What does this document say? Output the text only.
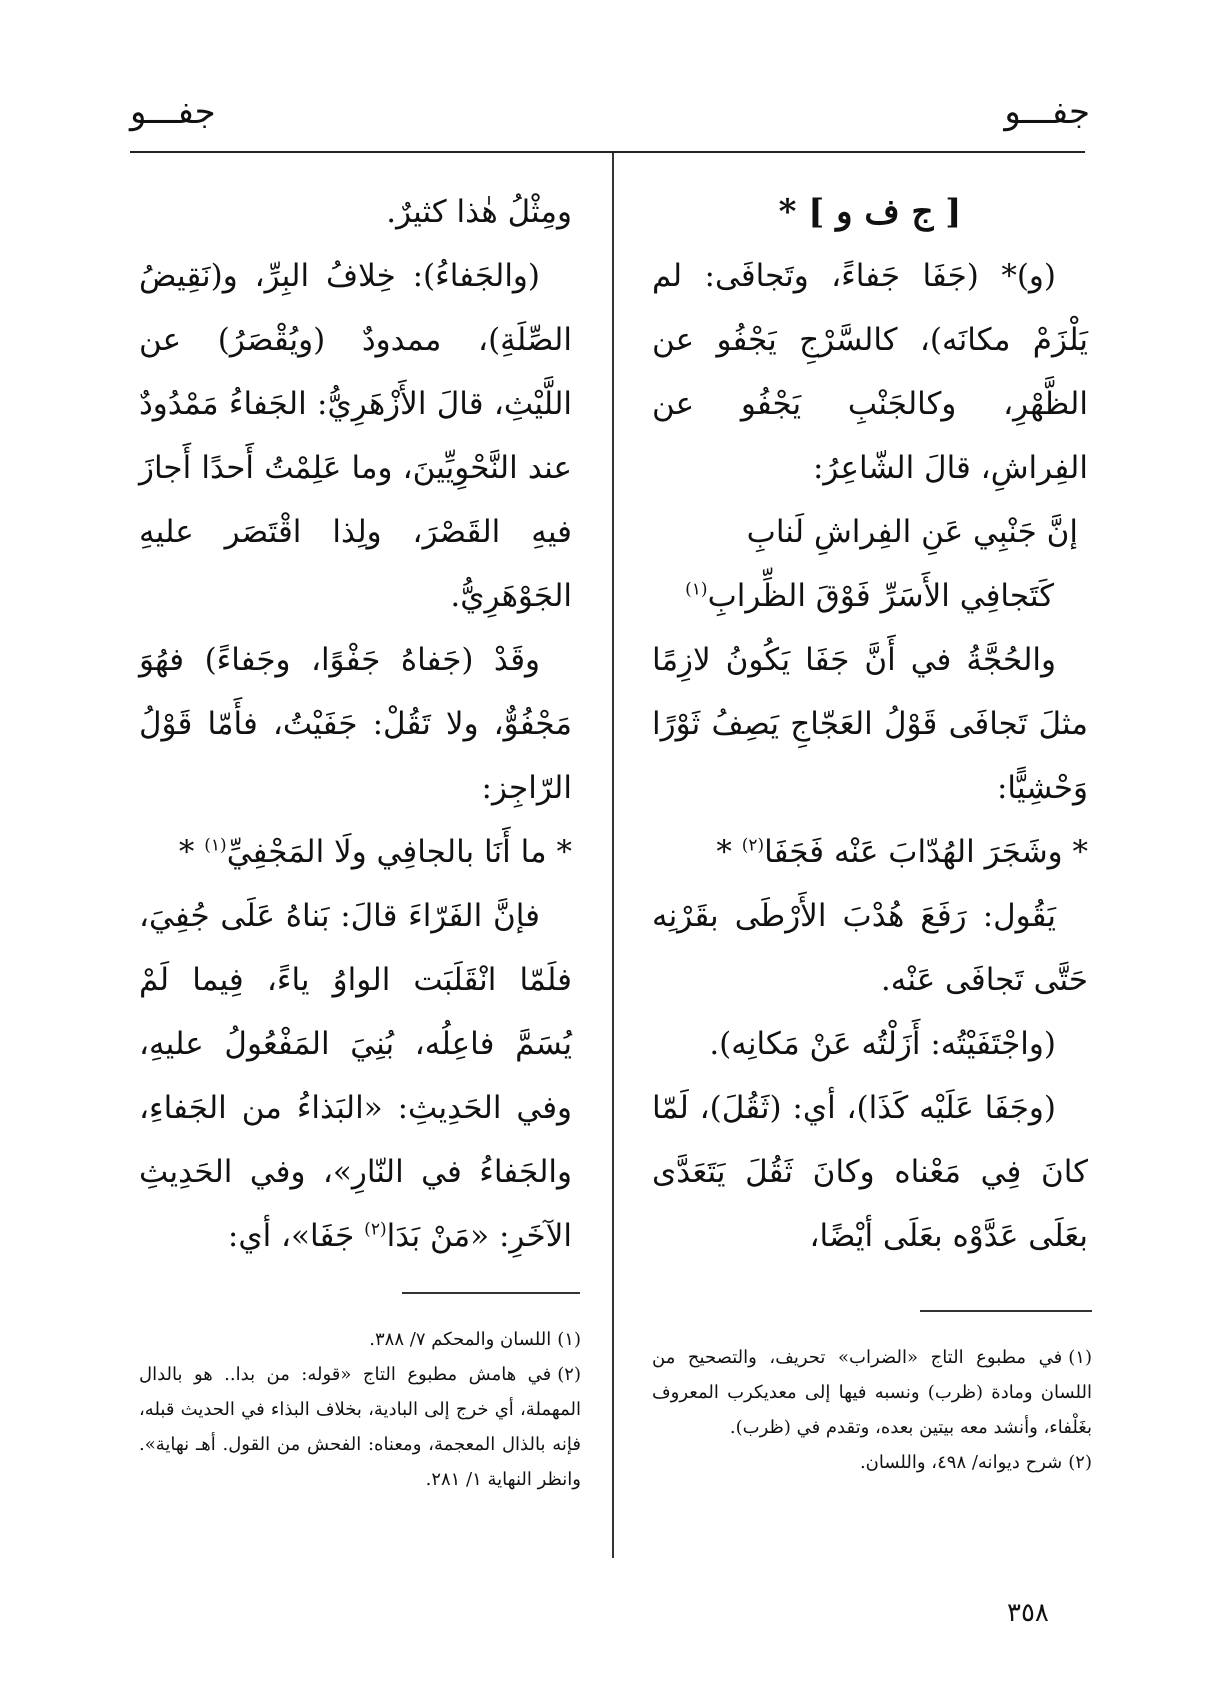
جفـــو
جفـــو

[ ج ف و ] *

(و)* (جَفَا جَفاءً، وتَجافَى: لم يَلْزَمْ مكانَه)، كالسَّرْجِ يَجْفُو عن الظَّهْرِ، وكالجَنْبِ يَجْفُو عن الفِراشِ، قالَ الشّاعِرُ:

إنَّ جَنْبِي عَنِ الفِراشِ لَنابِ

كَتَجافِي الأَسَرِّ فَوْقَ الظِّرابِ$^{(١)}$

والحُجَّةُ في أَنَّ جَفَا يَكُونُ لازِمًا مثلَ تَجافَى قَوْلُ العَجّاجِ يَصِفُ ثَوْرًا وَحْشِيًّا:

* وشَجَرَ الهُدّابَ عَنْه فَجَفَا$^{(٢)}$ *

يَقُول: رَفَعَ هُدْبَ الأَرْطَى بقَرْنِه حَتَّى تَجافَى عَنْه.

(واجْتَفَيْتُه: أَزَلْتُه عَنْ مَكانِه).

(وجَفَا عَلَيْه كَذَا)، أي: (ثَقُلَ)، لَمّا كانَ فِي مَعْناه وكانَ ثَقُلَ يَتَعَدَّى بعَلَى عَدَّوْه بعَلَى أيْضًا،

ومِثْلُ هٰذا كثيرٌ.

(والجَفاءُ): خِلافُ البِرِّ، و(نَقِيضُ الصِّلَةِ)، ممدودٌ (ويُقْصَرُ) عن اللَّيْثِ، قالَ الأَزْهَرِيُّ: الجَفاءُ مَمْدُودٌ عند النَّحْوِيِّينَ، وما عَلِمْتُ أَحدًا أَجازَ فيهِ القَصْرَ، ولِذا اقْتَصَر عليهِ الجَوْهَرِيُّ.

وقَدْ (جَفاهُ جَفْوًا، وجَفاءً) فهُوَ مَجْفُوٌّ، ولا تَقُلْ: جَفَيْتُ، فأَمّا قَوْلُ الرّاجِز:

* ما أَنَا بالجافِي ولَا المَجْفِيِّ$^{(١)}$ *

فإنَّ الفَرّاءَ قالَ: بَناهُ عَلَى جُفِيَ، فلَمّا انْقَلَبَت الواوُ ياءً، فِيما لَمْ يُسَمَّ فاعِلُه، بُنِيَ المَفْعُولُ عليهِ، وفي الحَدِيثِ: «البَذاءُ من الجَفاءِ، والجَفاءُ في النّارِ»، وفي الحَدِيثِ الآخَرِ: «مَنْ بَدَا$^{(٢)}$ جَفَا»، أي:

(١)في مطبوع التاج «الضراب» تحريف، والتصحيح من اللسان ومادة (ظرب) ونسبه فيها إلى معديكرب المعروف بغَلْفاء، وأنشد معه بيتين بعده، وتقدم في (ظرب).

(٢)شرح ديوانه/ ٤٩٨، واللسان.

(١)اللسان والمحكم ٧/ ٣٨٨.

(٢)في هامش مطبوع التاج «قوله: من بدا.. هو بالدال المهملة، أي خرج إلى البادية، بخلاف البذاء في الحديث قبله، فإنه بالذال المعجمة، ومعناه: الفحش من القول. أهـ نهاية». وانظر النهاية ١/ ٢٨١.

٣٥٨
